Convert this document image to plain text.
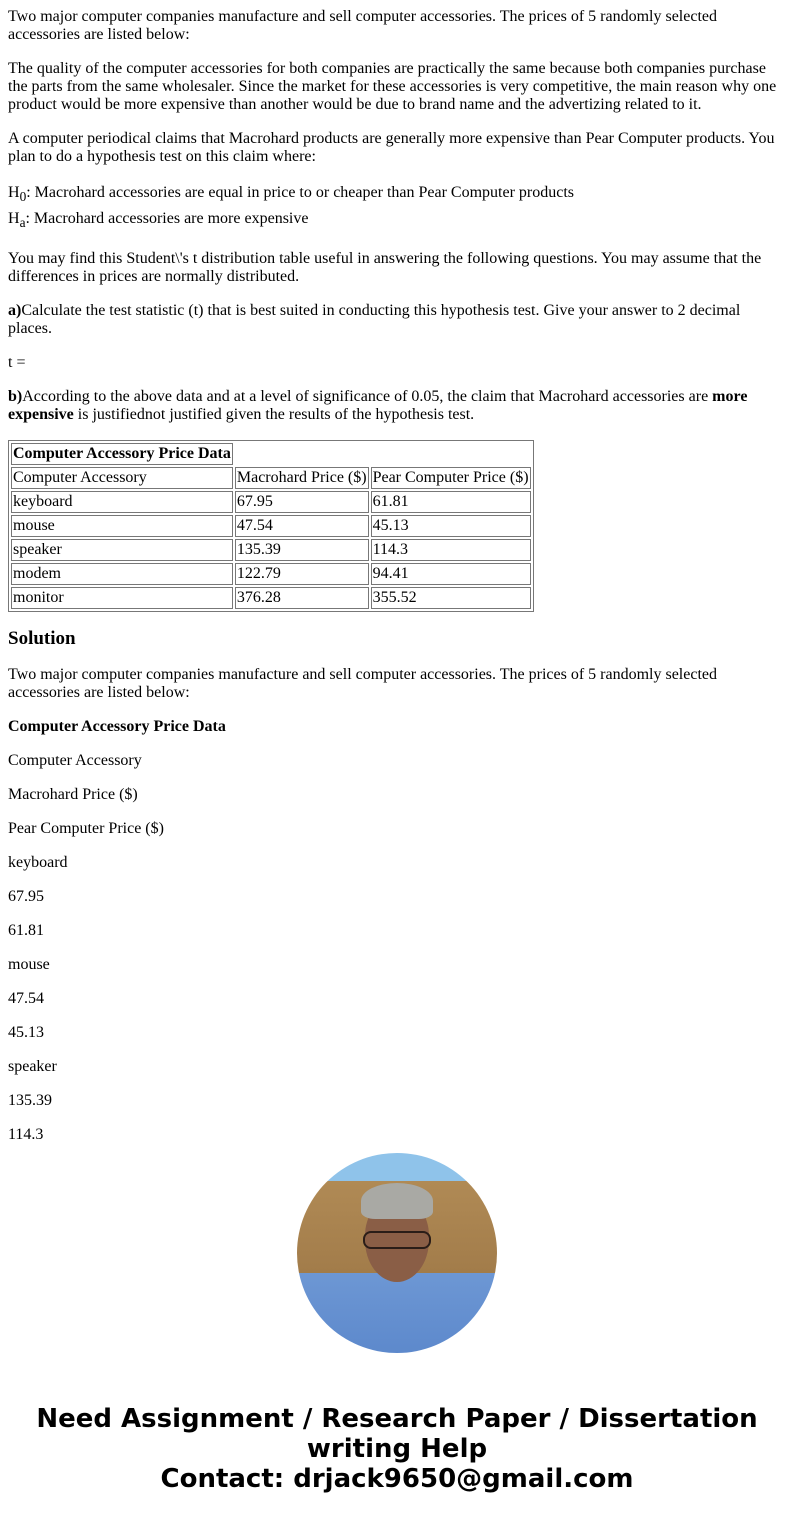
Two major computer companies manufacture and sell computer accessories. The prices of 5 randomly selected accessories are listed below:

The quality of the computer accessories for both companies are practically the same because both companies purchase the parts from the same wholesaler. Since the market for these accessories is very competitive, the main reason why one product would be more expensive than another would be due to brand name and the advertizing related to it.

A computer periodical claims that Macrohard products are generally more expensive than Pear Computer products. You plan to do a hypothesis test on this claim where:

$H_0$: Macrohard accessories are equal in price to or cheaper than Pear Computer products
$H_a$: Macrohard accessories are more expensive

You may find this Student\'s t distribution table useful in answering the following questions. You may assume that the differences in prices are normally distributed.

a)Calculate the test statistic (t) that is best suited in conducting this hypothesis test. Give your answer to 2 decimal places.

t =

b)According to the above data and at a level of significance of 0.05, the claim that Macrohard accessories are more expensive is justifiednot justified given the results of the hypothesis test.

Computer Accessory Price Data		
Computer Accessory	Macrohard Price ($)	Pear Computer Price ($)
keyboard	67.95	61.81
mouse	47.54	45.13
speaker	135.39	114.3
modem	122.79	94.41
monitor	376.28	355.52
Solution

Two major computer companies manufacture and sell computer accessories. The prices of 5 randomly selected accessories are listed below:

Computer Accessory Price Data

Computer Accessory

Macrohard Price ($)

Pear Computer Price ($)

keyboard

67.95

61.81

mouse

47.54

45.13

speaker

135.39

114.3

Need Assignment / Research Paper / Dissertation
writing Help
Contact: drjack9650@gmail.com
